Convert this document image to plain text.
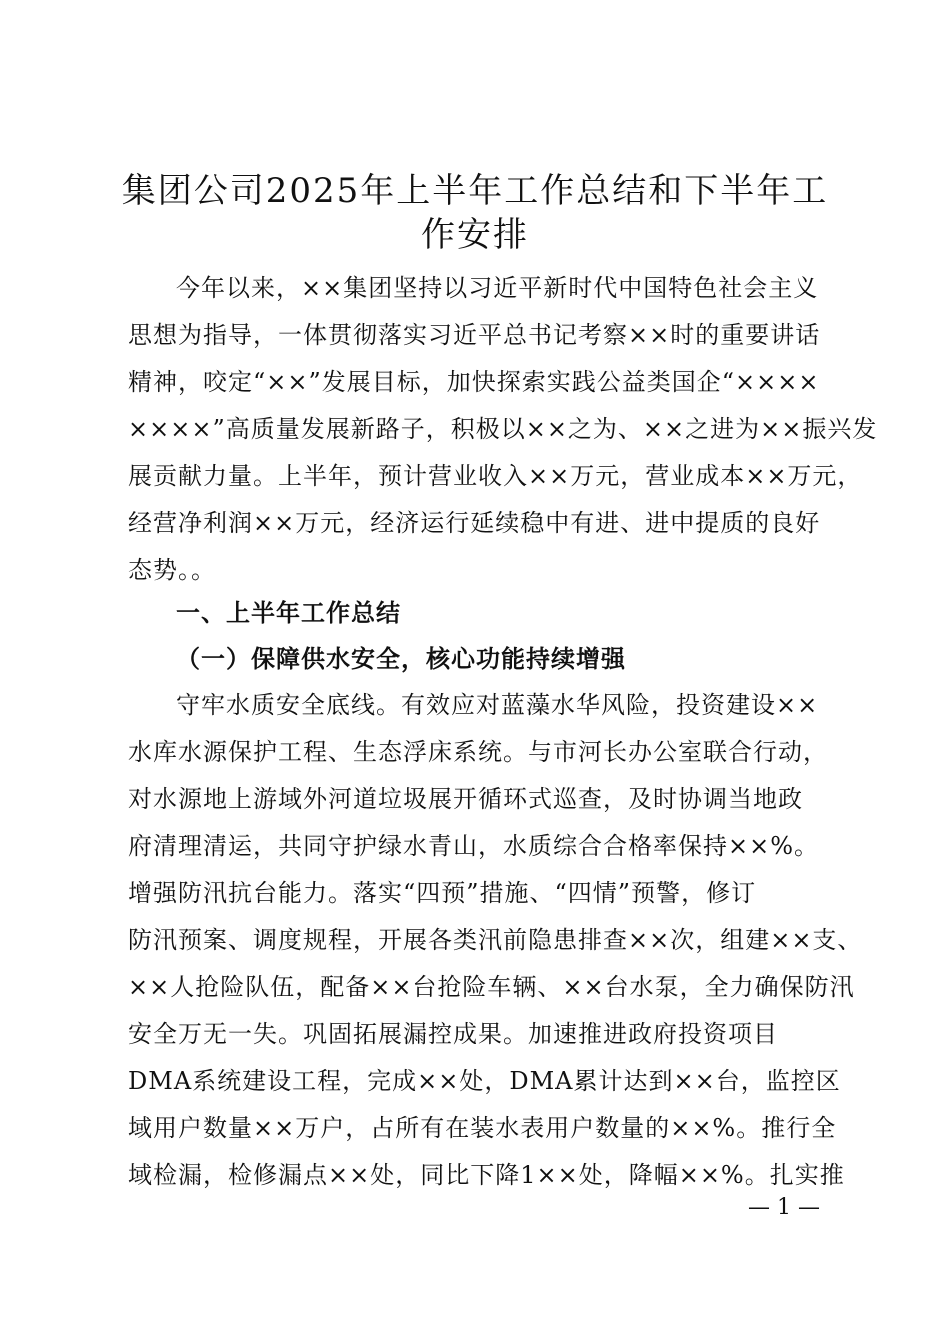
集团公司2025年上半年工作总结和下半年工
作安排
今年以来，××集团坚持以习近平新时代中国特色社会主义
思想为指导，一体贯彻落实习近平总书记考察××时的重要讲话
精神，咬定“××”发展目标，加快探索实践公益类国企“××××
××××”高质量发展新路子，积极以××之为、××之进为××振兴发
展贡献力量。上半年，预计营业收入××万元，营业成本××万元，
经营净利润××万元，经济运行延续稳中有进、进中提质的良好
态势。。
一、上半年工作总结
（一）保障供水安全，核心功能持续增强
守牢水质安全底线。有效应对蓝藻水华风险，投资建设××
水库水源保护工程、生态浮床系统。与市河长办公室联合行动，
对水源地上游域外河道垃圾展开循环式巡查，及时协调当地政
府清理清运，共同守护绿水青山，水质综合合格率保持××%。
增强防汛抗台能力。落实“四预”措施、“四情”预警，修订
防汛预案、调度规程，开展各类汛前隐患排查××次，组建××支、
××人抢险队伍，配备××台抢险车辆、××台水泵，全力确保防汛
安全万无一失。巩固拓展漏控成果。加速推进政府投资项目
DMA系统建设工程，完成××处，DMA累计达到××台，监控区
域用户数量××万户，占所有在装水表用户数量的××%。推行全
域检漏，检修漏点××处，同比下降1××处，降幅××%。扎实推
— 1 —
